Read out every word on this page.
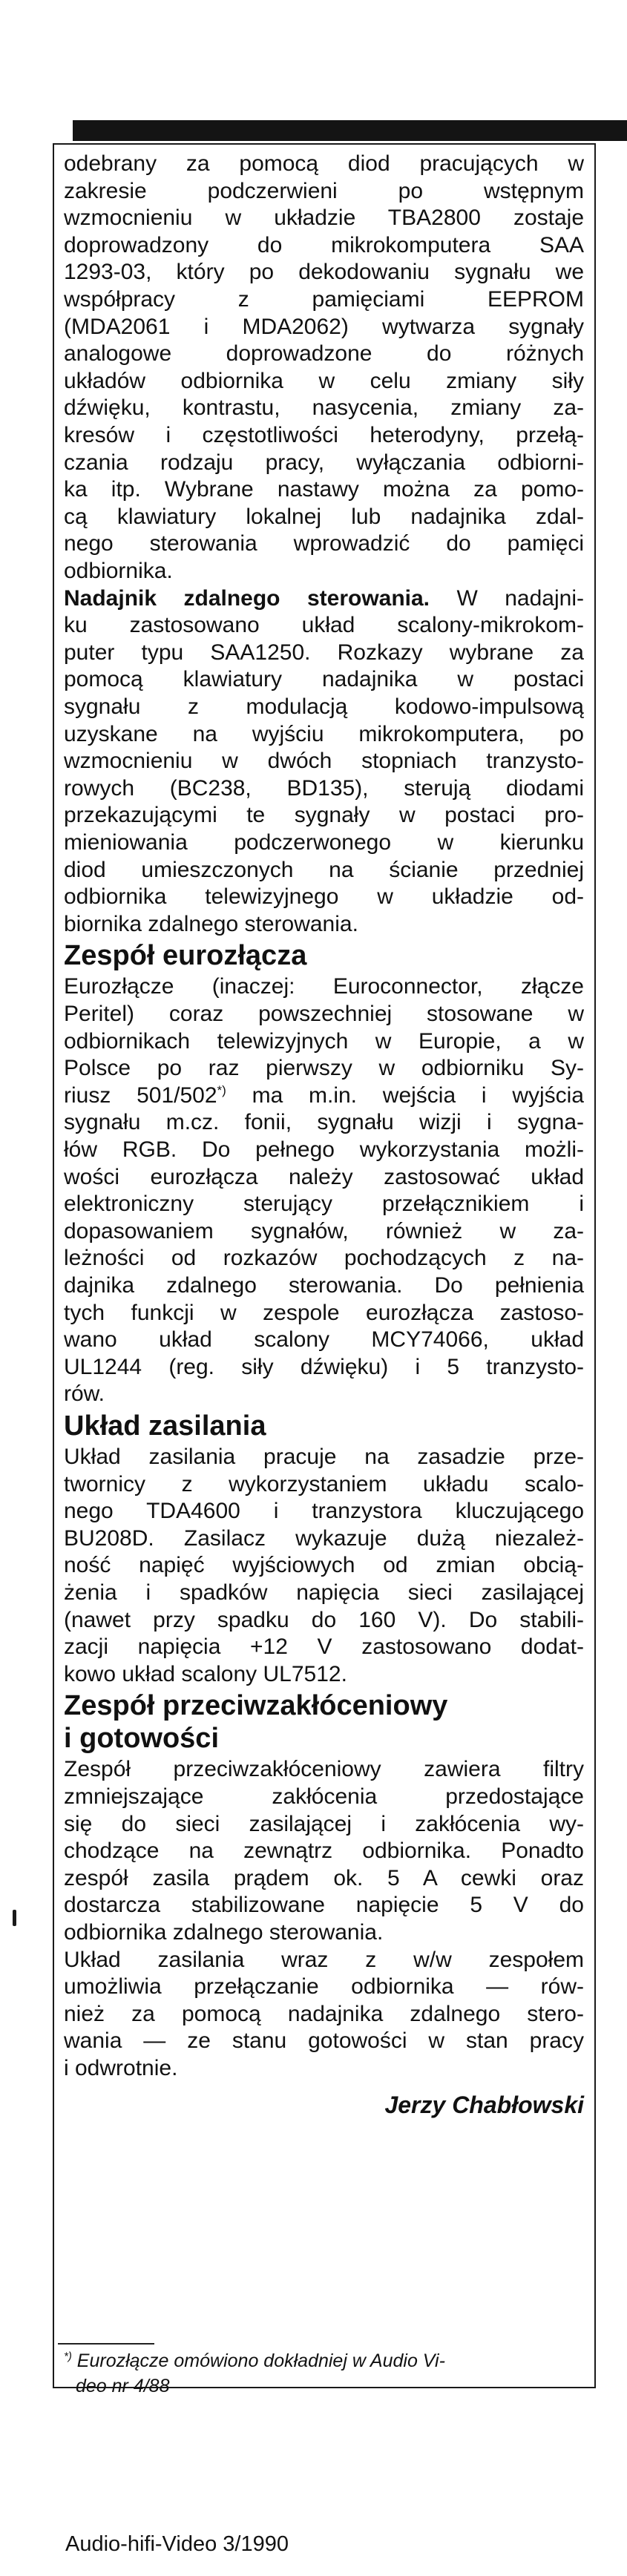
odebrany za pomocą diod pracujących w
zakresie podczerwieni po wstępnym
wzmocnieniu w układzie TBA2800 zostaje
doprowadzony do mikrokomputera SAA
1293-03, który po dekodowaniu sygnału we
współpracy z pamięciami EEPROM
(MDA2061 i MDA2062) wytwarza sygnały
analogowe doprowadzone do różnych
układów odbiornika w celu zmiany siły
dźwięku, kontrastu, nasycenia, zmiany za-
kresów i częstotliwości heterodyny, przełą-
czania rodzaju pracy, wyłączania odbiorni-
ka itp. Wybrane nastawy można za pomo-
cą klawiatury lokalnej lub nadajnika zdal-
nego sterowania wprowadzić do pamięci
odbiornika.
Nadajnik zdalnego sterowania. W nadajni-
ku zastosowano układ scalony-mikrokom-
puter typu SAA1250. Rozkazy wybrane za
pomocą klawiatury nadajnika w postaci
sygnału z modulacją kodowo-impulsową
uzyskane na wyjściu mikrokomputera, po
wzmocnieniu w dwóch stopniach tranzysto-
rowych (BC238, BD135), sterują diodami
przekazującymi te sygnały w postaci pro-
mieniowania podczerwonego w kierunku
diod umieszczonych na ścianie przedniej
odbiornika telewizyjnego w układzie od-
biornika zdalnego sterowania.
Zespół eurozłącza
Eurozłącze (inaczej: Euroconnector, złącze
Peritel) coraz powszechniej stosowane w
odbiornikach telewizyjnych w Europie, a w
Polsce po raz pierwszy w odbiorniku Sy-
riusz 501/502*) ma m.in. wejścia i wyjścia
sygnału m.cz. fonii, sygnału wizji i sygna-
łów RGB. Do pełnego wykorzystania możli-
wości eurozłącza należy zastosować układ
elektroniczny sterujący przełącznikiem i
dopasowaniem sygnałów, również w za-
leżności od rozkazów pochodzących z na-
dajnika zdalnego sterowania. Do pełnienia
tych funkcji w zespole eurozłącza zastoso-
wano układ scalony MCY74066, układ
UL1244 (reg. siły dźwięku) i 5 tranzysto-
rów.
Układ zasilania
Układ zasilania pracuje na zasadzie prze-
twornicy z wykorzystaniem układu scalo-
nego TDA4600 i tranzystora kluczującego
BU208D. Zasilacz wykazuje dużą niezależ-
ność napięć wyjściowych od zmian obcią-
żenia i spadków napięcia sieci zasilającej
(nawet przy spadku do 160 V). Do stabili-
zacji napięcia +12 V zastosowano dodat-
kowo układ scalony UL7512.
Zespół przeciwzakłóceniowy
i gotowości
Zespół przeciwzakłóceniowy zawiera filtry
zmniejszające zakłócenia przedostające
się do sieci zasilającej i zakłócenia wy-
chodzące na zewnątrz odbiornika. Ponadto
zespół zasila prądem ok. 5 A cewki oraz
dostarcza stabilizowane napięcie 5 V do
odbiornika zdalnego sterowania.
Układ zasilania wraz z w/w zespołem
umożliwia przełączanie odbiornika — rów-
nież za pomocą nadajnika zdalnego stero-
wania — ze stanu gotowości w stan pracy
i odwrotnie.
Jerzy Chabłowski
*) Eurozłącze omówiono dokładniej w Audio Vi-
deo nr 4/88
Audio-hifi-Video 3/1990
